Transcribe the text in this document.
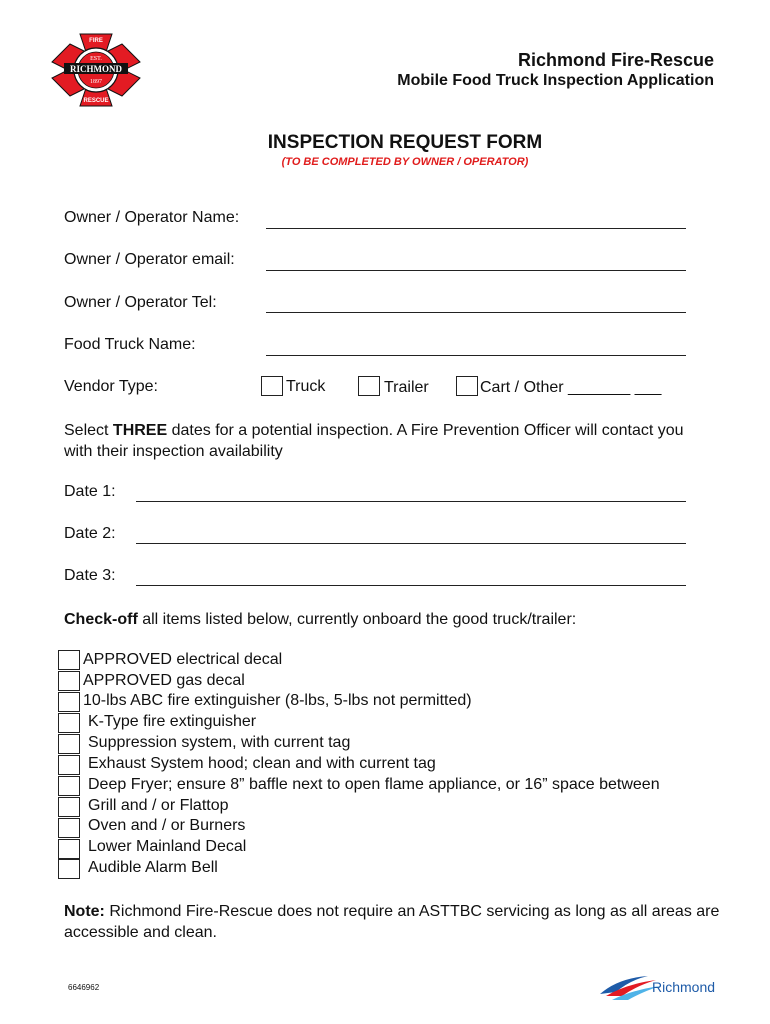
FIRE
EST.
RICHMOND
1897
RESCUE
Richmond Fire-Rescue
Mobile Food Truck Inspection Application
INSPECTION REQUEST FORM
(TO BE COMPLETED BY OWNER / OPERATOR)
Owner / Operator Name:
Owner / Operator email:
Owner / Operator Tel:
Food Truck Name:
Vendor Type:	Truck	Trailer	Cart / Other _______ ___
Select THREE dates for a potential inspection. A Fire Prevention Officer will contact you with their inspection availability
Date 1:
Date 2:
Date 3:
Check-off all items listed below, currently onboard the good truck/trailer:
APPROVED electrical decal
APPROVED gas decal
10-lbs ABC fire extinguisher (8-lbs, 5-lbs not permitted)
K-Type fire extinguisher
Suppression system, with current tag
Exhaust System hood; clean and with current tag
Deep Fryer; ensure 8” baffle next to open flame appliance, or 16” space between
Grill and / or Flattop
Oven and / or Burners
Lower Mainland Decal
Audible Alarm Bell
Note: Richmond Fire-Rescue does not require an ASTTBC servicing as long as all areas are accessible and clean.
6646962	Richmond
